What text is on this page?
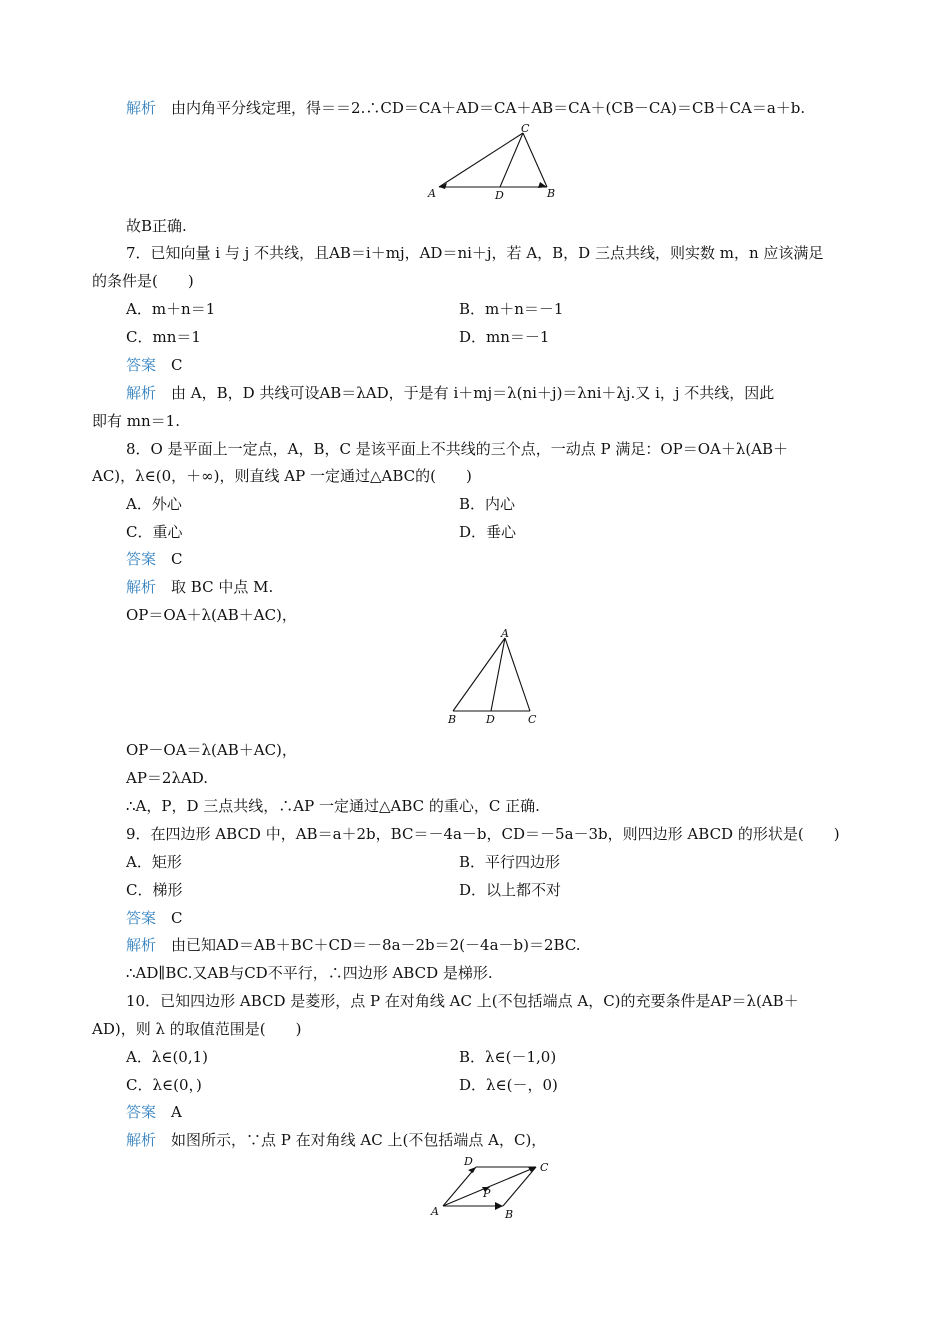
解析　 由内角平分线定理，得＝＝2.∴CD＝CA＋AD＝CA＋AB＝CA＋(CB－CA)＝CB＋CA＝a＋b.
A
C
D	B
故B正确.
7．已知向量 i 与 j 不共线，且AB＝i＋mj，AD＝ni＋j，若 A，B，D 三点共线，则实数 m，n 应该满足
的条件是(　　)
A．m＋n＝1	B．m＋n＝－1
C．mn＝1	D．mn＝－1
答案　 C
解析　 由 A，B，D 共线可设AB＝λAD，于是有 i＋mj＝λ(ni＋j)＝λni＋λj.又 i，j 不共线，因此
即有 mn＝1.
8．O 是平面上一定点，A，B，C 是该平面上不共线的三个点，一动点 P 满足：OP＝OA＋λ(AB＋
AC)，λ∈(0，＋∞)，则直线 AP 一定通过△ABC的(　　)
A．外心	B．内心
C．重心	D．垂心
答案　 C
解析　 取 BC 中点 M.
OP＝OA＋λ(AB＋AC)，
A
B	D	C
OP－OA＝λ(AB＋AC)，
AP＝2λAD.
∴A，P，D 三点共线，∴AP 一定通过△ABC 的重心，C 正确.
9．在四边形 ABCD 中，AB＝a＋2b，BC＝－4a－b，CD＝－5a－3b，则四边形 ABCD 的形状是(　　)
A．矩形	B．平行四边形
C．梯形	D．以上都不对
答案　 C
解析　 由已知AD＝AB＋BC＋CD＝－8a－2b＝2(－4a－b)＝2BC.
∴AD∥BC.又AB与CD不平行，∴四边形 ABCD 是梯形.
10．已知四边形 ABCD 是菱形，点 P 在对角线 AC 上(不包括端点 A，C)的充要条件是AP＝λ(AB＋
AD)，则 λ 的取值范围是(　　)
A．λ∈(0,1)	B．λ∈(－1,0)
C．λ∈(0，)	D．λ∈(－，0)
答案　 A
解析　 如图所示，∵点 P 在对角线 AC 上(不包括端点 A，C)，
D	C
P
A	B
